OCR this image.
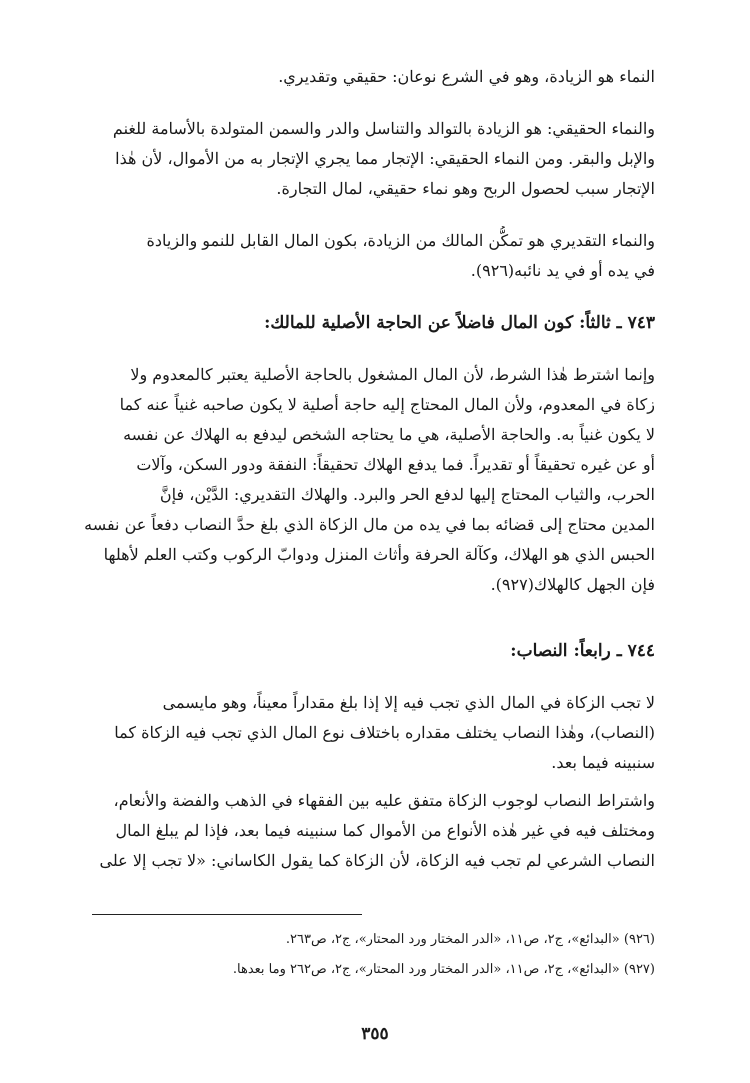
النماء هو الزيادة، وهو في الشرع نوعان: حقيقي وتقديري.
والنماء الحقيقي: هو الزيادة بالتوالد والتناسل والدر والسمن المتولدة بالأسامة للغنم
والإبل والبقر. ومن النماء الحقيقي: الإتجار مما يجري الإتجار به من الأموال، لأن هٰذا
الإتجار سبب لحصول الربح وهو نماء حقيقي، لمال التجارة.
والنماء التقديري هو تمكُّن المالك من الزيادة، بكون المال القابل للنمو والزيادة
في يده أو في يد نائبه(٩٢٦).
٧٤٣ ـ ثالثاً: كون المال فاضلاً عن الحاجة الأصلية للمالك:
وإنما اشترط هٰذا الشرط، لأن المال المشغول بالحاجة الأصلية يعتبر كالمعدوم ولا
زكاة في المعدوم، ولأن المال المحتاج إليه حاجة أصلية لا يكون صاحبه غنياً عنه كما
لا يكون غنياً به. والحاجة الأصلية، هي ما يحتاجه الشخص ليدفع به الهلاك عن نفسه
أو عن غيره تحقيقاً أو تقديراً. فما يدفع الهلاك تحقيقاً: النفقة ودور السكن، وآلات
الحرب، والثياب المحتاج إليها لدفع الحر والبرد. والهلاك التقديري: الدَّيْن، فإنَّ
المدين محتاج إلى قضائه بما في يده من مال الزكاة الذي بلغ حدَّ النصاب دفعاً عن نفسه
الحبس الذي هو الهلاك، وكآلة الحرفة وأثاث المنزل ودوابّ الركوب وكتب العلم لأهلها
فإن الجهل كالهلاك(٩٢٧).
٧٤٤ ـ رابعاً: النصاب:
لا تجب الزكاة في المال الذي تجب فيه إلا إذا بلغ مقداراً معيناً، وهو مايسمى
(النصاب)، وهٰذا النصاب يختلف مقداره باختلاف نوع المال الذي تجب فيه الزكاة كما
سنبينه فيما بعد.
واشتراط النصاب لوجوب الزكاة متفق عليه بين الفقهاء في الذهب والفضة والأنعام،
ومختلف فيه في غير هٰذه الأنواع من الأموال كما سنبينه فيما بعد، فإذا لم يبلغ المال
النصاب الشرعي لم تجب فيه الزكاة، لأن الزكاة كما يقول الكاساني: «لا تجب إلا على
(٩٢٦) «البدائع»، ج٢، ص١١، «الدر المختار ورد المحتار»، ج٢، ص٢٦٣.
(٩٢٧) «البدائع»، ج٢، ص١١، «الدر المختار ورد المحتار»، ج٢، ص٢٦٢ وما بعدها.
٣٥٥
